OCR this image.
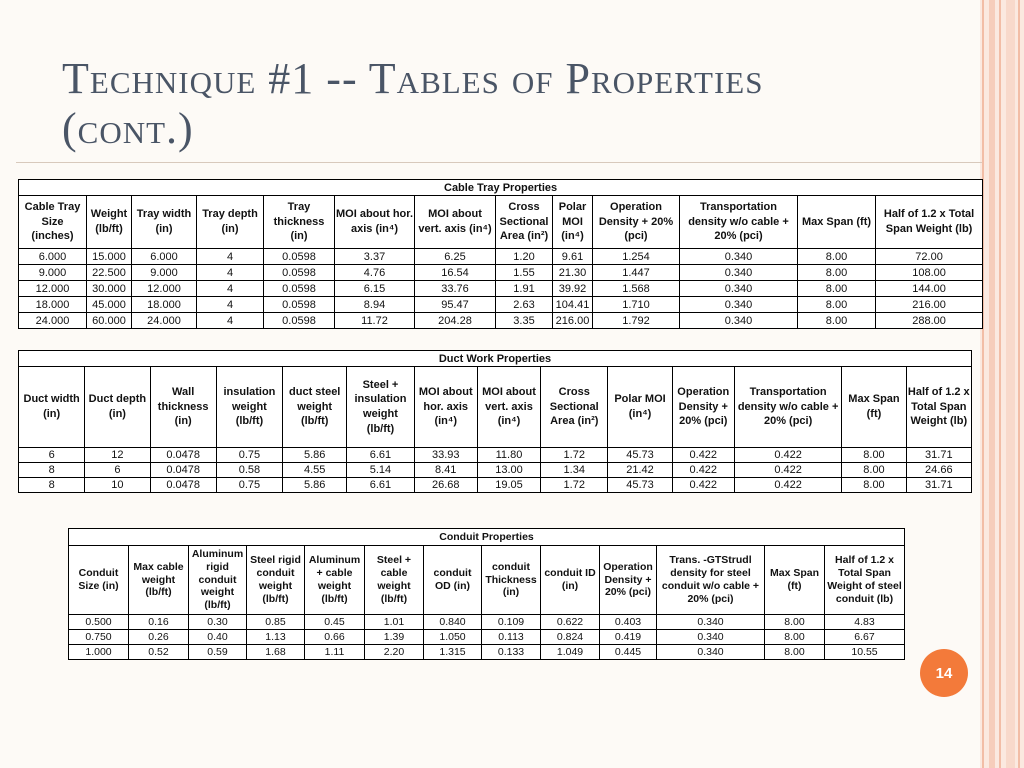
Technique #1 -- Tables of Properties
(cont.)
Cable Tray Properties												
Cable Tray Size (inches)	Weight (lb/ft)	Tray width (in)	Tray depth (in)	Tray thickness (in)	MOI about hor. axis (in⁴)	MOI about vert. axis (in⁴)	Cross Sectional Area (in²)	Polar MOI (in⁴)	Operation Density + 20% (pci)	Transportation density w/o cable + 20% (pci)	Max Span (ft)	Half of 1.2 x Total Span Weight (lb)
6.000	15.000	6.000	4	0.0598	3.37	6.25	1.20	9.61	1.254	0.340	8.00	72.00
9.000	22.500	9.000	4	0.0598	4.76	16.54	1.55	21.30	1.447	0.340	8.00	108.00
12.000	30.000	12.000	4	0.0598	6.15	33.76	1.91	39.92	1.568	0.340	8.00	144.00
18.000	45.000	18.000	4	0.0598	8.94	95.47	2.63	104.41	1.710	0.340	8.00	216.00
24.000	60.000	24.000	4	0.0598	11.72	204.28	3.35	216.00	1.792	0.340	8.00	288.00
Duct Work Properties													
Duct width (in)	Duct depth (in)	Wall thickness (in)	insulation weight (lb/ft)	duct steel weight (lb/ft)	Steel + insulation weight (lb/ft)	MOI about hor. axis (in⁴)	MOI about vert. axis (in⁴)	Cross Sectional Area (in²)	Polar MOI (in⁴)	Operation Density + 20% (pci)	Transportation density w/o cable + 20% (pci)	Max Span (ft)	Half of 1.2 x Total Span Weight (lb)
6	12	0.0478	0.75	5.86	6.61	33.93	11.80	1.72	45.73	0.422	0.422	8.00	31.71
8	6	0.0478	0.58	4.55	5.14	8.41	13.00	1.34	21.42	0.422	0.422	8.00	24.66
8	10	0.0478	0.75	5.86	6.61	26.68	19.05	1.72	45.73	0.422	0.422	8.00	31.71
Conduit Properties												
Conduit Size (in)	Max cable weight (lb/ft)	Aluminum rigid conduit weight (lb/ft)	Steel rigid conduit weight (lb/ft)	Aluminum + cable weight (lb/ft)	Steel + cable weight (lb/ft)	conduit OD (in)	conduit Thickness (in)	conduit ID (in)	Operation Density + 20% (pci)	Trans. -GTStrudl density for steel conduit w/o cable + 20% (pci)	Max Span (ft)	Half of 1.2 x Total Span Weight of steel conduit (lb)
0.500	0.16	0.30	0.85	0.45	1.01	0.840	0.109	0.622	0.403	0.340	8.00	4.83
0.750	0.26	0.40	1.13	0.66	1.39	1.050	0.113	0.824	0.419	0.340	8.00	6.67
1.000	0.52	0.59	1.68	1.11	2.20	1.315	0.133	1.049	0.445	0.340	8.00	10.55
14
